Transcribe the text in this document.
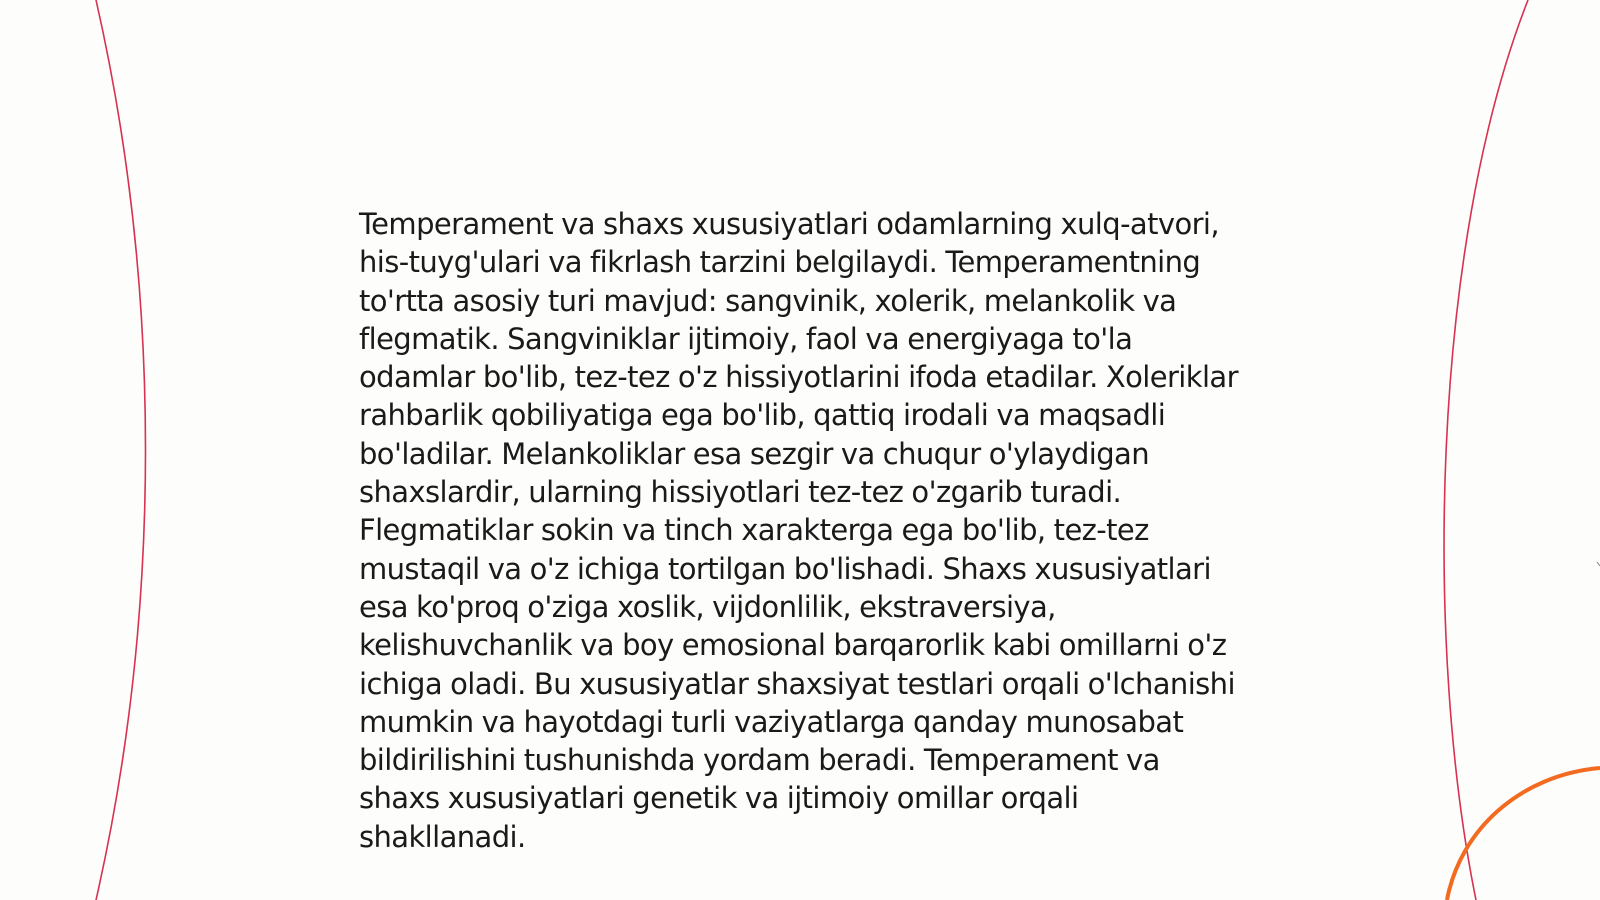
Temperament va shaxs xususiyatlari odamlarning xulq-atvori, his-tuyg'ulari va fikrlash tarzini belgilaydi. Temperamentning to'rtta asosiy turi mavjud: sangvinik, xolerik, melankolik va flegmatik. Sangviniklar ijtimoiy, faol va energiyaga to'la odamlar bo'lib, tez-tez o'z hissiyotlarini ifoda etadilar. Xoleriklar rahbarlik qobiliyatiga ega bo'lib, qattiq irodali va maqsadli bo'ladilar. Melankoliklar esa sezgir va chuqur o'ylaydigan shaxslardir, ularning hissiyotlari tez-tez o'zgarib turadi. Flegmatiklar sokin va tinch xarakterga ega bo'lib, tez-tez mustaqil va o'z ichiga tortilgan bo'lishadi. Shaxs xususiyatlari esa ko'proq o'ziga xoslik, vijdonlilik, ekstraversiya, kelishuvchanlik va boy emosional barqarorlik kabi omillarni o'z ichiga oladi. Bu xususiyatlar shaxsiyat testlari orqali o'lchanishi mumkin va hayotdagi turli vaziyatlarga qanday munosabat bildirilishini tushunishda yordam beradi. Temperament va shaxs xususiyatlari genetik va ijtimoiy omillar orqali shakllanadi.
